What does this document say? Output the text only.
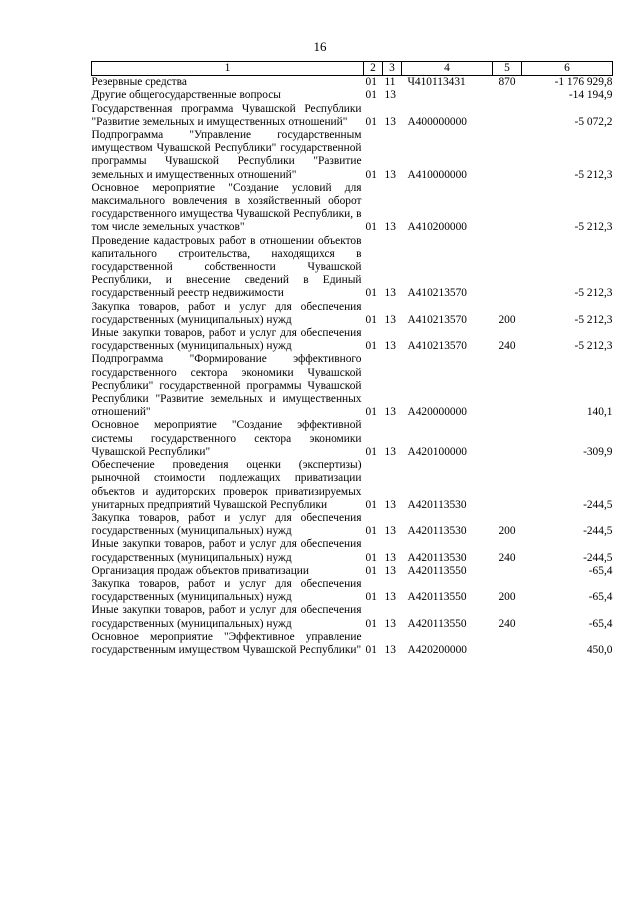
16
1	2	3	4	5	6
Резервные средства	01	11	Ч410113431	870	-1 176 929,8
Другие общегосударственные вопросы	01	13			-14 194,9
Государственная программа Чувашской Республики "Развитие земельных и имущественных отношений"	01	13	А400000000		-5 072,2
Подпрограмма "Управление государственным имуществом Чувашской Республики" государственной программы Чувашской Республики "Развитие земельных и имущественных отношений"	01	13	А410000000		-5 212,3
Основное мероприятие "Создание условий для максимального вовлечения в хозяйственный оборот государственного имущества Чувашской Республики, в том числе земельных участков"	01	13	А410200000		-5 212,3
Проведение кадастровых работ в отношении объектов капитального строительства, находящихся в государственной собственности Чувашской Республики, и внесение сведений в Единый государственный реестр недвижимости	01	13	А410213570		-5 212,3
Закупка товаров, работ и услуг для обеспечения государственных (муниципальных) нужд	01	13	А410213570	200	-5 212,3
Иные закупки товаров, работ и услуг для обеспечения государственных (муниципальных) нужд	01	13	А410213570	240	-5 212,3
Подпрограмма "Формирование эффективного государственного сектора экономики Чувашской Республики" государственной программы Чувашской Республики "Развитие земельных и имущественных отношений"	01	13	А420000000		140,1
Основное мероприятие "Создание эффективной системы государственного сектора экономики Чувашской Республики"	01	13	А420100000		-309,9
Обеспечение проведения оценки (экспертизы) рыночной стоимости подлежащих приватизации объектов и аудиторских проверок приватизируемых унитарных предприятий Чувашской Республики	01	13	А420113530		-244,5
Закупка товаров, работ и услуг для обеспечения государственных (муниципальных) нужд	01	13	А420113530	200	-244,5
Иные закупки товаров, работ и услуг для обеспечения государственных (муниципальных) нужд	01	13	А420113530	240	-244,5
Организация продаж объектов приватизации	01	13	А420113550		-65,4
Закупка товаров, работ и услуг для обеспечения государственных (муниципальных) нужд	01	13	А420113550	200	-65,4
Иные закупки товаров, работ и услуг для обеспечения государственных (муниципальных) нужд	01	13	А420113550	240	-65,4
Основное мероприятие "Эффективное управление государственным имуществом Чувашской Республики"	01	13	А420200000		450,0
